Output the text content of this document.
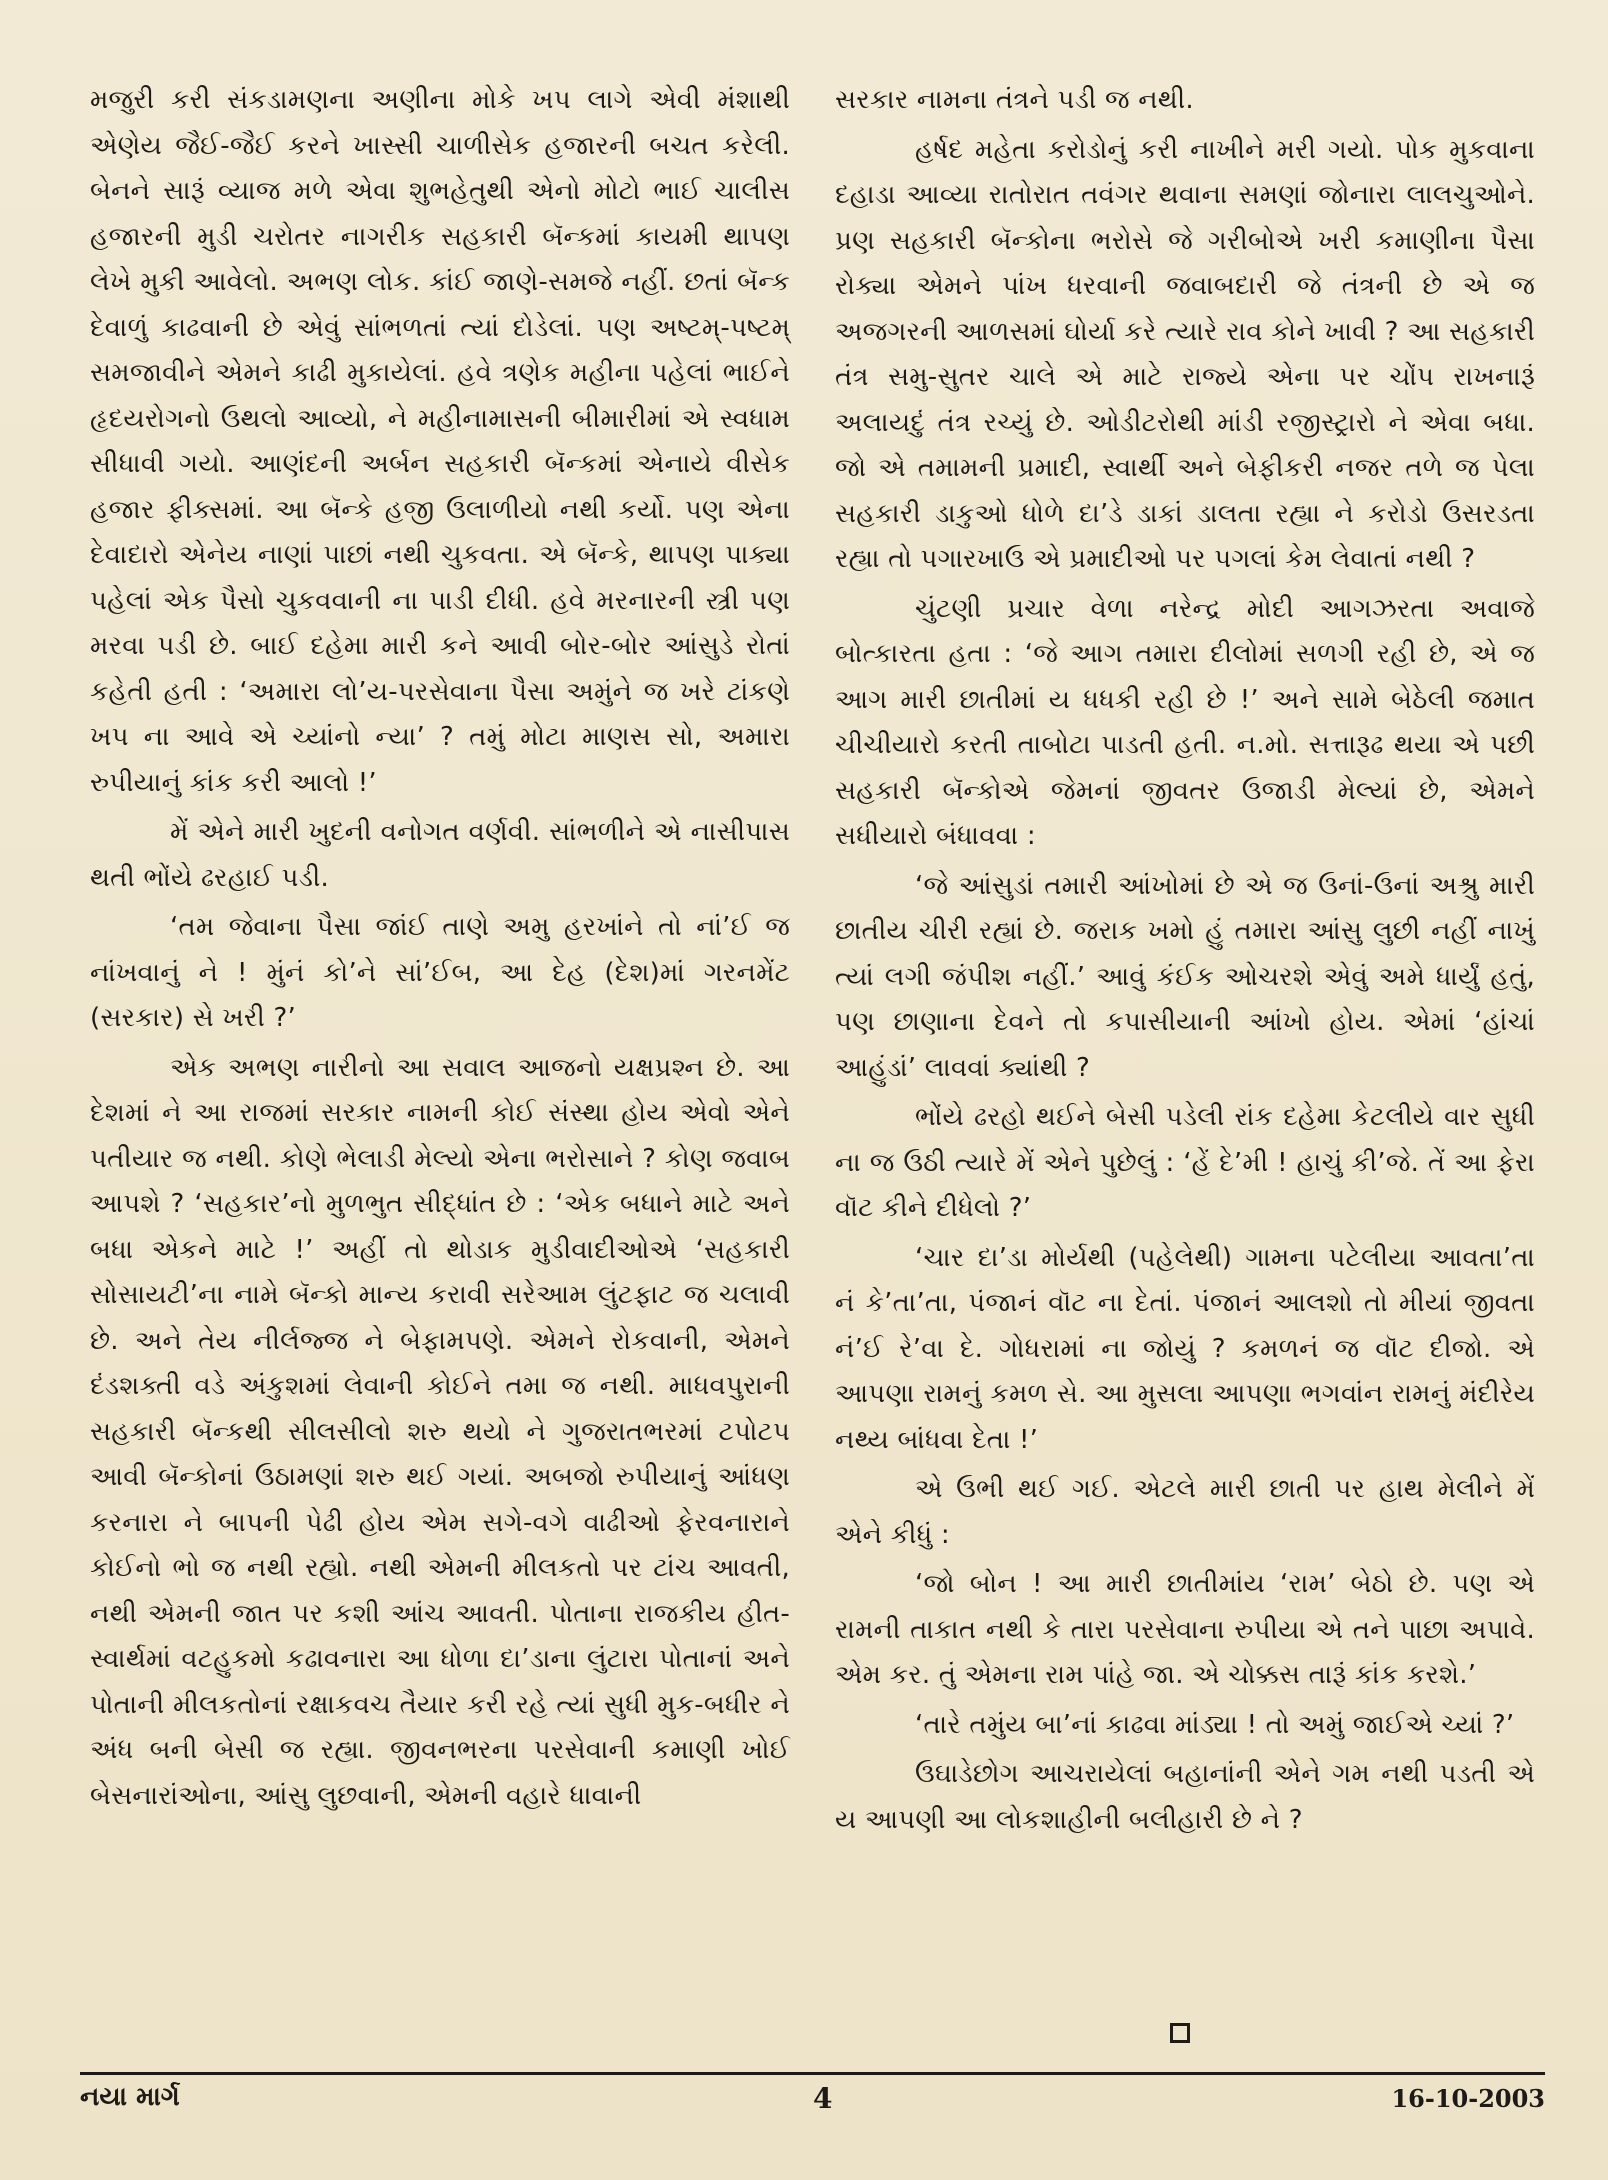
મજુરી કરી સંકડામણના અણીના મોકે ખપ લાગે એવી મંશાથી એણેય જૈઈ-જૈઈ કરને ખાસ્સી ચાળીસેક હજારની બચત કરેલી. બેનને સારૂં વ્યાજ મળે એવા શુભહેતુથી એનો મોટો ભાઈ ચાલીસ હજારની મુડી ચરોતર નાગરીક સહકારી બૅન્કમાં કાયમી થાપણ લેખે મુકી આવેલો. અભણ લોક. કાંઈ જાણે-સમજે નહીં. છતાં બૅન્ક દેવાળું કાઢવાની છે એવું સાંભળતાં ત્યાં દોડેલાં. પણ અષ્ટમ્-પષ્ટમ્ સમજાવીને એમને કાઢી મુકાયેલાં. હવે ત્રણેક મહીના પહેલાં ભાઈને હૃદયરોગનો ઉથલો આવ્યો, ને મહીનામાસની બીમારીમાં એ સ્વધામ સીધાવી ગયો. આણંદની અર્બન સહકારી બૅન્કમાં એનાયે વીસેક હજાર ફીક્સમાં. આ બૅન્કે હજી ઉલાળીયો નથી કર્યો. પણ એના દેવાદારો એનેય નાણાં પાછાં નથી ચુકવતા. એ બૅન્કે, થાપણ પાક્યા પહેલાં એક પૈસો ચુકવવાની ના પાડી દીધી. હવે મરનારની સ્ત્રી પણ મરવા પડી છે. બાઈ દહેમા મારી કને આવી બોર-બોર આંસુડે રોતાં કહેતી હતી : ‘અમારા લો’ય-પરસેવાના પૈસા અમુંને જ ખરે ટાંકણે ખપ ના આવે એ ચ્યાંનો ન્યા’ ? તમું મોટા માણસ સો, અમારા રુપીયાનું કાંક કરી આલો !’

મેં એને મારી ખુદની વનોગત વર્ણવી. સાંભળીને એ નાસીપાસ થતી ભોંયે ઢરહાઈ પડી.

‘તમ જેવાના પૈસા જાંઈ તાણે અમુ હરખાંને તો નાં’ઈ જ નાંખવાનું ને ! મુંનં કો’ને સાં’ઈબ, આ દેહ (દેશ)માં ગરનમેંટ (સરકાર) સે ખરી ?’

એક અભણ નારીનો આ સવાલ આજનો યક્ષપ્રશ્ન છે. આ દેશમાં ને આ રાજમાં સરકાર નામની કોઈ સંસ્થા હોય એવો એને પતીયાર જ નથી. કોણે ભેલાડી મેલ્યો એના ભરોસાને ? કોણ જવાબ આપશે ? ‘સહકાર’નો મુળભુત સીદ્ધાંત છે : ‘એક બધાને માટે અને બધા એકને માટે !’ અહીં તો થોડાક મુડીવાદીઓએ ‘સહકારી સોસાયટી’ના નામે બૅન્કો માન્ય કરાવી સરેઆમ લુંટફાટ જ ચલાવી છે. અને તેય નીર્લજ્જ ને બેફામપણે. એમને રોકવાની, એમને દંડશક્તી વડે અંકુશમાં લેવાની કોઈને તમા જ નથી. માધવપુરાની સહકારી બૅન્કથી સીલસીલો શરુ થયો ને ગુજરાતભરમાં ટપોટપ આવી બૅન્કોનાં ઉઠામણાં શરુ થઈ ગયાં. અબજો રુપીયાનું આંધણ કરનારા ને બાપની પેઢી હોય એમ સગે-વગે વાઢીઓ ફેરવનારાને કોઈનો ભો જ નથી રહ્યો. નથી એમની મીલકતો પર ટાંચ આવતી, નથી એમની જાત પર કશી આંચ આવતી. પોતાના રાજકીય હીત-સ્વાર્થમાં વટહુકમો કઢાવનારા આ ધોળા દા’ડાના લુંટારા પોતાનાં અને પોતાની મીલકતોનાં રક્ષાકવચ તૈયાર કરી રહે ત્યાં સુધી મુક-બધીર ને અંધ બની બેસી જ રહ્યા. જીવનભરના પરસેવાની કમાણી ખોઈ બેસનારાંઓના, આંસુ લુછવાની, એમની વહારે ધાવાની

સરકાર નામના તંત્રને પડી જ નથી.

હર્ષદ મહેતા કરોડોનું કરી નાખીને મરી ગયો. પોક મુકવાના દહાડા આવ્યા રાતોરાત તવંગર થવાના સમણાં જોનારા લાલચુઓને. પ્રણ સહકારી બૅન્કોના ભરોસે જે ગરીબોએ ખરી કમાણીના પૈસા રોક્યા એમને પાંખ ધરવાની જવાબદારી જે તંત્રની છે એ જ અજગરની આળસમાં ઘોર્યા કરે ત્યારે રાવ કોને ખાવી ? આ સહકારી તંત્ર સમુ-સુતર ચાલે એ માટે રાજ્યે એના પર ચોંપ રાખનારૂં અલાયદું તંત્ર રચ્યું છે. ઓડીટરોથી માંડી રજીસ્ટ્રારો ને એવા બધા. જો એ તમામની પ્રમાદી, સ્વાર્થી અને બેફીકરી નજર તળે જ પેલા સહકારી ડાકુઓ ધોળે દા’ડે ડાકાં ડાલતા રહ્યા ને કરોડો ઉસરડતા રહ્યા તો પગારખાઉ એ પ્રમાદીઓ પર પગલાં કેમ લેવાતાં નથી ?

ચુંટણી પ્રચાર વેળા નરેન્દ્ર મોદી આગઝરતા અવાજે બોત્કારતા હતા : ‘જે આગ તમારા દીલોમાં સળગી રહી છે, એ જ આગ મારી છાતીમાં ય ધધકી રહી છે !’ અને સામે બેઠેલી જમાત ચીચીયારો કરતી તાબોટા પાડતી હતી. ન.મો. સત્તારૂઢ થયા એ પછી સહકારી બૅન્કોએ જેમનાં જીવતર ઉજાડી મેલ્યાં છે, એમને સધીયારો બંધાવવા :

‘જે આંસુડાં તમારી આંખોમાં છે એ જ ઉનાં-ઉનાં અશ્રુ મારી છાતીય ચીરી રહ્યાં છે. જરાક ખમો હું તમારા આંસુ લુછી નહીં નાખું ત્યાં લગી જંપીશ નહીં.’ આવું કંઈક ઓચરશે એવું અમે ધાર્યું હતું, પણ છાણાના દેવને તો કપાસીયાની આંખો હોય. એમાં ‘હાંચાં આહુંડાં’ લાવવાં ક્યાંથી ?

ભોંયે ઢરહો થઈને બેસી પડેલી રાંક દહેમા કેટલીયે વાર સુધી ના જ ઉઠી ત્યારે મેં એને પુછેલું : ‘હેં દે’મી ! હાચું કી’જે. તેં આ ફેરા વૉટ કીને દીધેલો ?’

‘ચાર દા’ડા મોર્યથી (પહેલેથી) ગામના પટેલીયા આવતા’તા નં કે’તા’તા, પંજાનં વૉટ ના દેતાં. પંજાનં આલશો તો મીયાં જીવતા નં’ઈ રે’વા દે. ગોધરામાં ના જોયું ? કમળનં જ વૉટ દીજો. એ આપણા રામનું કમળ સે. આ મુસલા આપણા ભગવાંન રામનું મંદીરેય નથ્ય બાંધવા દેતા !’

એ ઉભી થઈ ગઈ. એટલે મારી છાતી પર હાથ મેલીને મેં એને કીધું :

‘જો બોન ! આ મારી છાતીમાંય ‘રામ’ બેઠો છે. પણ એ રામની તાકાત નથી કે તારા પરસેવાના રુપીયા એ તને પાછા અપાવે. એમ કર. તું એમના રામ પાંહે જા. એ ચોક્કસ તારૂં કાંક કરશે.’

‘તારે તમુંય બા’નાં કાઢવા માંડ્યા ! તો અમું જાઈએ ચ્યાં ?’

ઉઘાડેછોગ આચરાયેલાં બહાનાંની એને ગમ નથી પડતી એ ય આપણી આ લોકશાહીની બલીહારી છે ને ?

નયા માર્ગ	4	16-10-2003
